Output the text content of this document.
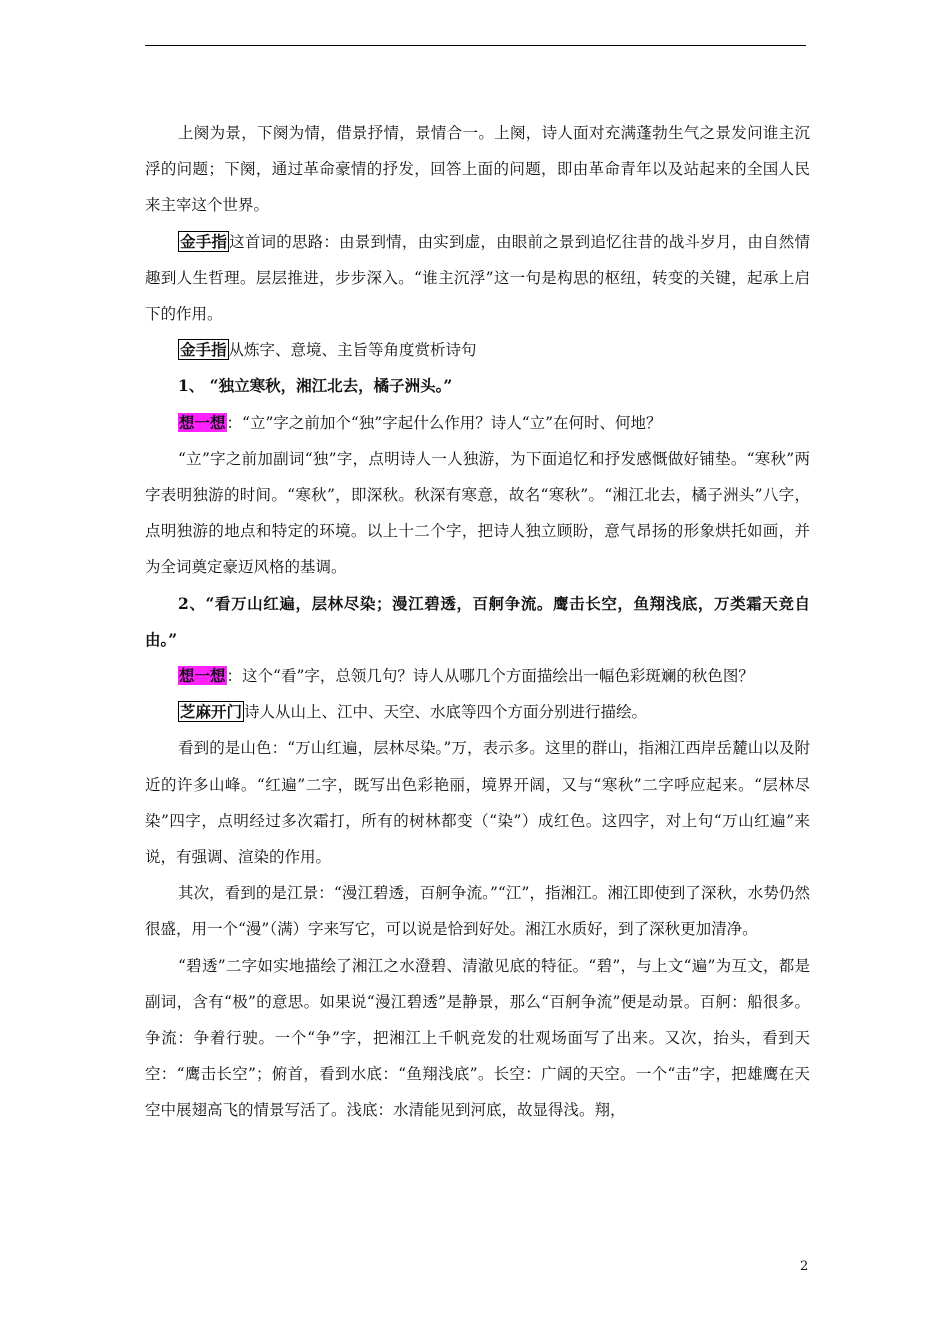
上阕为景，下阕为情，借景抒情，景情合一。上阕，诗人面对充满蓬勃生气之景发问谁主沉浮的问题；下阕，通过革命豪情的抒发，回答上面的问题，即由革命青年以及站起来的全国人民来主宰这个世界。

金手指 这首词的思路：由景到情，由实到虚，由眼前之景到追忆往昔的战斗岁月，由自然情趣到人生哲理。层层推进，步步深入。“谁主沉浮”这一句是构思的枢纽，转变的关键，起承上启下的作用。

金手指 从炼字、意境、主旨等角度赏析诗句

1、 “独立寒秋，湘江北去，橘子洲头。”

想一想：“立”字之前加个“独”字起什么作用？诗人“立”在何时、何地？

“立”字之前加副词“独”字，点明诗人一人独游，为下面追忆和抒发感慨做好铺垫。“寒秋”两字表明独游的时间。“寒秋”，即深秋。秋深有寒意，故名“寒秋”。“湘江北去，橘子洲头”八字，点明独游的地点和特定的环境。以上十二个字，把诗人独立顾盼，意气昂扬的形象烘托如画，并为全词奠定豪迈风格的基调。

2、“看万山红遍，层林尽染；漫江碧透，百舸争流。鹰击长空，鱼翔浅底，万类霜天竞自由。”

想一想：这个“看”字，总领几句？诗人从哪几个方面描绘出一幅色彩斑斓的秋色图？

芝麻开门 诗人从山上、江中、天空、水底等四个方面分别进行描绘。

看到的是山色：“万山红遍，层林尽染。”万，表示多。这里的群山，指湘江西岸岳麓山以及附近的许多山峰。“红遍”二字，既写出色彩艳丽，境界开阔，又与“寒秋”二字呼应起来。“层林尽染”四字，点明经过多次霜打，所有的树林都变（“染”）成红色。这四字，对上句“万山红遍”来说，有强调、渲染的作用。

其次，看到的是江景：“漫江碧透，百舸争流。”“江”，指湘江。湘江即使到了深秋，水势仍然很盛，用一个“漫”（满）字来写它，可以说是恰到好处。湘江水质好，到了深秋更加清净。

“碧透”二字如实地描绘了湘江之水澄碧、清澈见底的特征。“碧”，与上文“遍”为互文，都是副词，含有“极”的意思。如果说“漫江碧透”是静景，那么“百舸争流”便是动景。百舸：船很多。争流：争着行驶。一个“争”字，把湘江上千帆竞发的壮观场面写了出来。又次，抬头，看到天空：“鹰击长空”；俯首，看到水底：“鱼翔浅底”。长空：广阔的天空。一个“击”字，把雄鹰在天空中展翅高飞的情景写活了。浅底：水清能见到河底，故显得浅。翔，

2
